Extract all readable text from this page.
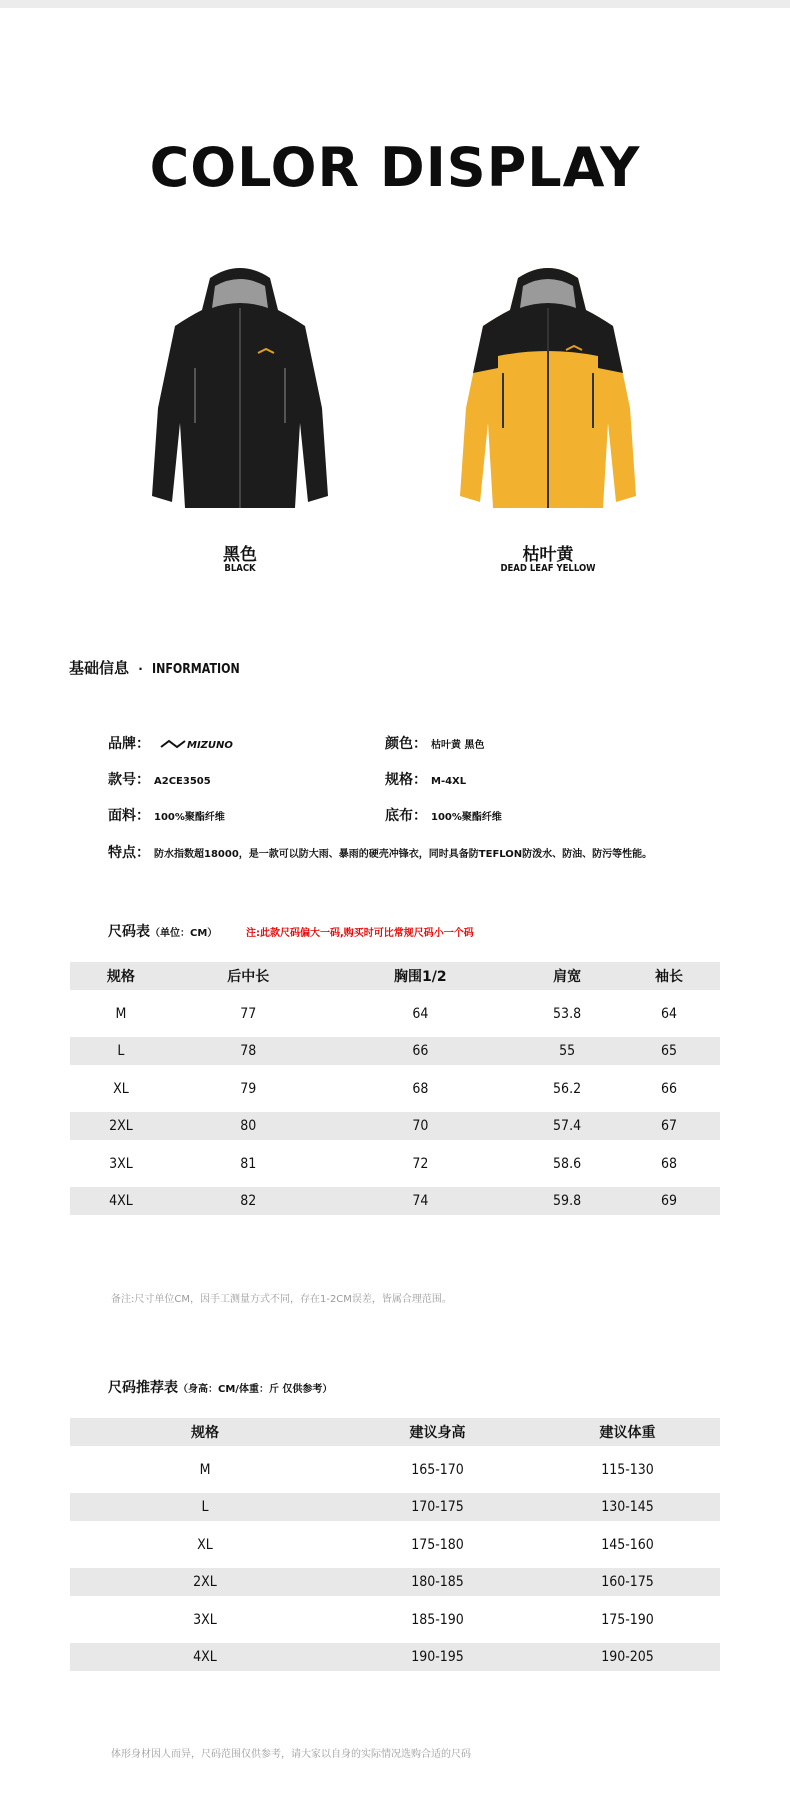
COLOR DISPLAY
黑色
BLACK
枯叶黄
DEAD LEAF YELLOW
基础信息 · INFORMATION
品牌：	MIZUNO	颜色： 枯叶黄 黑色
款号： A2CE3505	规格： M-4XL
面料： 100%聚酯纤维	底布： 100%聚酯纤维
特点： 防水指数超18000，是一款可以防大雨、暴雨的硬壳冲锋衣，同时具备防TEFLON防泼水、防油、防污等性能。
尺码表（单位：CM）	注:此款尺码偏大一码,购买时可比常规尺码小一个码
规格	后中长	胸围1/2	肩宽	袖长
M	77	64	53.8	64
L	78	66	55	65
XL	79	68	56.2	66
2XL	80	70	57.4	67
3XL	81	72	58.6	68
4XL	82	74	59.8	69
备注:尺寸单位CM，因手工测量方式不同，存在1-2CM误差，皆属合理范围。
尺码推荐表（身高：CM/体重：斤 仅供参考）
规格	建议身高	建议体重
M	165-170	115-130
L	170-175	130-145
XL	175-180	145-160
2XL	180-185	160-175
3XL	185-190	175-190
4XL	190-195	190-205
体形身材因人而异，尺码范围仅供参考，请大家以自身的实际情况选购合适的尺码
